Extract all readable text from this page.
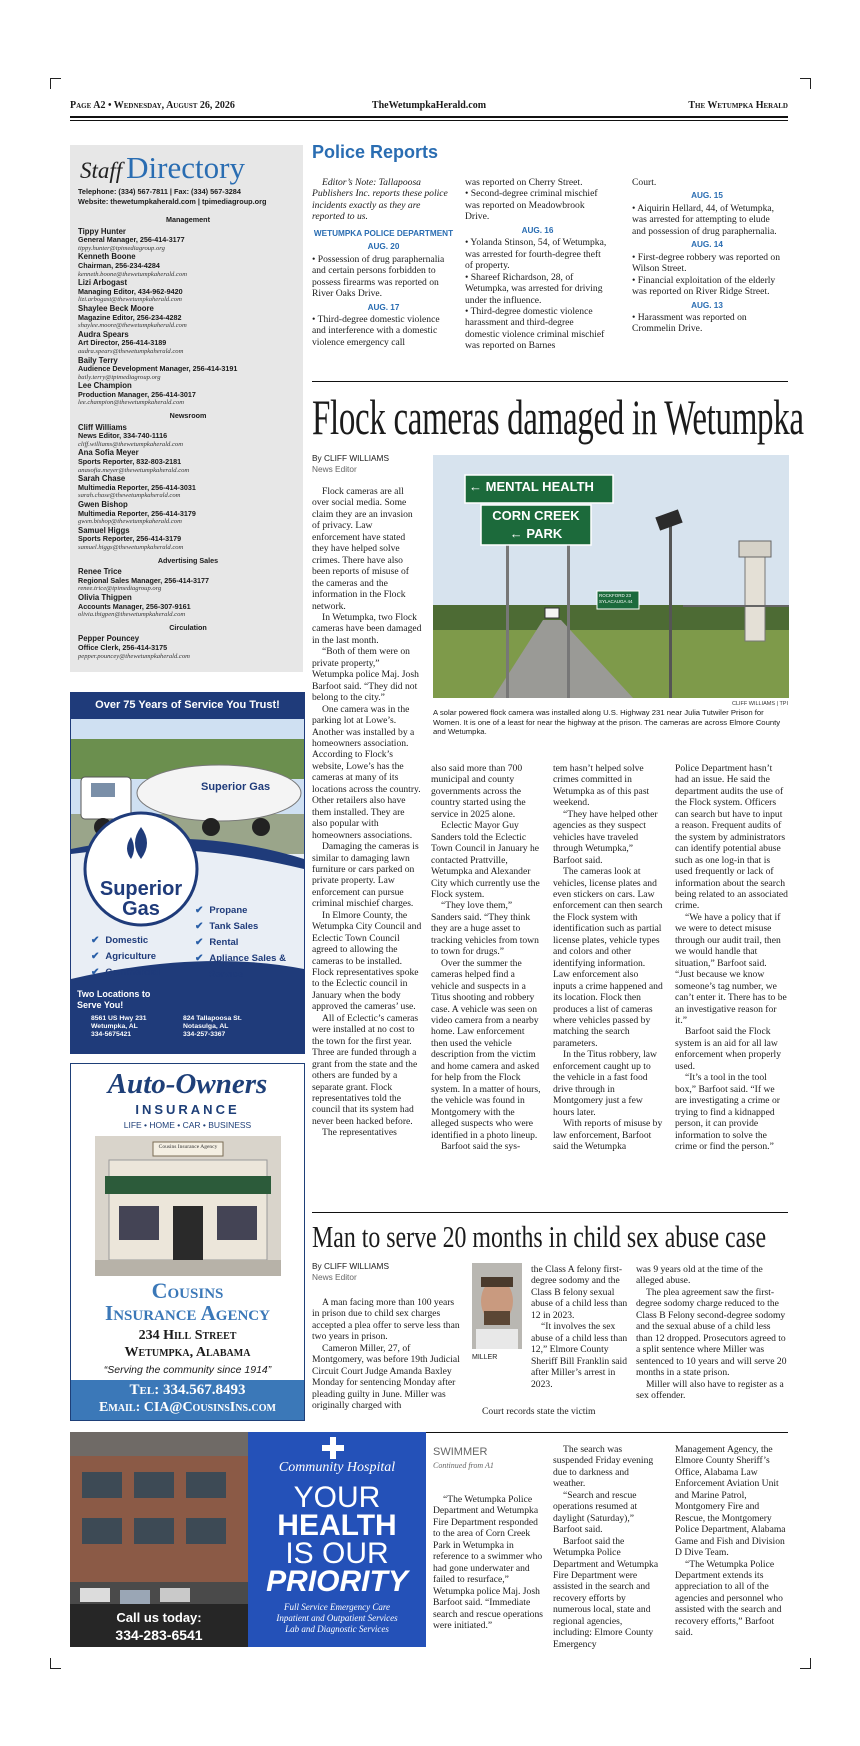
Page A2 • Wednesday, August 26, 2026	TheWetumpkaHerald.com	The Wetumpka Herald
Staff Directory
Telephone: (334) 567-7811 | Fax: (334) 567-3284
Website: thewetumpkaherald.com | tpimediagroup.org
Management
Tippy Hunter
General Manager, 256-414-3177
tippy.hunter@tpimediagroup.org
Kenneth Boone
Chairman, 256-234-4284
kenneth.boone@thewetumpkaherald.com
Lizi Arbogast
Managing Editor, 434-962-9420
lizi.arbogast@thewetumpkaherald.com
Shaylee Beck Moore
Magazine Editor, 256-234-4282
shaylee.moore@thewetumpkaherald.com
Audra Spears
Art Director, 256-414-3189
audra.spears@thewetumpkaherald.com
Baily Terry
Audience Development Manager, 256-414-3191
baily.terry@tpimediagroup.org
Lee Champion
Production Manager, 256-414-3017
lee.champion@thewetumpkaherald.com
Newsroom
Cliff Williams
News Editor, 334-740-1116
cliff.williams@thewetumpkaherald.com
Ana Sofia Meyer
Sports Reporter, 832-803-2181
anasofia.meyer@thewetumpkaherald.com
Sarah Chase
Multimedia Reporter, 256-414-3031
sarah.chase@thewetumpkaherald.com
Gwen Bishop
Multimedia Reporter, 256-414-3179
gwen.bishop@thewetumpkaherald.com
Samuel Higgs
Sports Reporter, 256-414-3179
samuel.higgs@thewetumpkaherald.com
Advertising Sales
Renee Trice
Regional Sales Manager, 256-414-3177
renee.trice@tpimediagroup.org
Olivia Thigpen
Accounts Manager, 256-307-9161
olivia.thigpen@thewetumpkaherald.com
Circulation
Pepper Pouncey
Office Clerk, 256-414-3175
pepper.pouncey@thewetumpkaherald.com
Over 75 Years of Service You Trust!
Superior Gas
Superior
Gas
✔ Domestic
✔ Agriculture
✔ Commercial
✔ Propane
✔ Tank Sales
✔ Rental
✔ Apliance Sales & Service
Two Locations to Serve You!
8561 US Hwy 231
Wetumpka, AL
334-5675421
824 Tallapoosa St.
Notasulga, AL
334-257-3367
Auto-Owners
INSURANCE
LIFE • HOME • CAR • BUSINESS
Cousins Insurance Agency
Cousins
Insurance Agency
234 Hill Street
Wetumpka, Alabama
“Serving the community since 1914”
Tel: 334.567.8493
Email: CIA@CousinsIns.com
Police Reports

Editor’s Note: Tallapoosa Publishers Inc. reports these police incidents exactly as they are reported to us.

WETUMPKA POLICE DEPARTMENT

AUG. 20

• Possession of drug paraphernalia and certain persons forbidden to possess firearms was reported on River Oaks Drive.

AUG. 17

• Third-degree domestic violence and interference with a domestic violence emergency call

was reported on Cherry Street.

• Second-degree criminal mischief was reported on Meadowbrook Drive.

AUG. 16

• Yolanda Stinson, 54, of Wetumpka, was arrested for fourth-degree theft of property.

• Shareef Richardson, 28, of Wetumpka, was arrested for driving under the influence.

• Third-degree domestic violence harassment and third-degree domestic violence criminal mischief was reported on Barnes

Court.

AUG. 15

• Aiquirin Hellard, 44, of Wetumpka, was arrested for attempting to elude and possession of drug paraphernalia.

AUG. 14

• First-degree robbery was reported on Wilson Street.

• Financial exploitation of the elderly was reported on River Ridge Street.

AUG. 13

• Harassment was reported on Crommelin Drive.

Flock cameras damaged in Wetumpka
By CLIFF WILLIAMS
News Editor
← MENTAL HEALTH
CORN CREEK
← PARK
ROCKFORD 23
SYLACAUGA 44
CLIFF WILLIAMS | TPI
A solar powered flock camera was installed along U.S. Highway 231 near Julia Tutwiler Prison for Women. It is one of a least for near the highway at the prison. The cameras are across Elmore County and Wetumpka.

Flock cameras are all over social media. Some claim they are an invasion of privacy. Law enforcement have stated they have helped solve crimes. There have also been reports of misuse of the cameras and the information in the Flock network.

In Wetumpka, two Flock cameras have been damaged in the last month.

“Both of them were on private property,” Wetumpka police Maj. Josh Barfoot said. “They did not belong to the city.”

One camera was in the parking lot at Lowe’s. Another was installed by a homeowners association. According to Flock’s website, Lowe’s has the cameras at many of its locations across the country. Other retailers also have them installed. They are also popular with homeowners associations.

Damaging the cameras is similar to damaging lawn furniture or cars parked on private property. Law enforcement can pursue criminal mischief charges.

In Elmore County, the Wetumpka City Council and Eclectic Town Council agreed to allowing the cameras to be installed. Flock representatives spoke to the Eclectic council in January when the body approved the cameras’ use.

All of Eclectic’s cameras were installed at no cost to the town for the first year. Three are funded through a grant from the state and the others are funded by a separate grant. Flock representatives told the council that its system had never been hacked before.

The representatives

also said more than 700 municipal and county governments across the country started using the service in 2025 alone.

Eclectic Mayor Guy Sanders told the Eclectic Town Council in January he contacted Prattville, Wetumpka and Alexander City which currently use the Flock system.

“They love them,” Sanders said. “They think they are a huge asset to tracking vehicles from town to town for drugs.”

Over the summer the cameras helped find a vehicle and suspects in a Titus shooting and robbery case. A vehicle was seen on video camera from a nearby home. Law enforcement then used the vehicle description from the victim and home camera and asked for help from the Flock system. In a matter of hours, the vehicle was found in Montgomery with the alleged suspects who were identified in a photo lineup.

Barfoot said the sys-

tem hasn’t helped solve crimes committed in Wetumpka as of this past weekend.

“They have helped other agencies as they suspect vehicles have traveled through Wetumpka,” Barfoot said.

The cameras look at vehicles, license plates and even stickers on cars. Law enforcement can then search the Flock system with identification such as partial license plates, vehicle types and colors and other identifying information. Law enforcement also inputs a crime happened and its location. Flock then produces a list of cameras where vehicles passed by matching the search parameters.

In the Titus robbery, law enforcement caught up to the vehicle in a fast food drive through in Montgomery just a few hours later.

With reports of misuse by law enforcement, Barfoot said the Wetumpka

Police Department hasn’t had an issue. He said the department audits the use of the Flock system. Officers can search but have to input a reason. Frequent audits of the system by administrators can identify potential abuse such as one log-in that is used frequently or lack of information about the search being related to an associated crime.

“We have a policy that if we were to detect misuse through our audit trail, then we would handle that situation,” Barfoot said. “Just because we know someone’s tag number, we can’t enter it. There has to be an investigative reason for it.”

Barfoot said the Flock system is an aid for all law enforcement when properly used.

“It’s a tool in the tool box,” Barfoot said. “If we are investigating a crime or trying to find a kidnapped person, it can provide information to solve the crime or find the person.”

Man to serve 20 months in child sex abuse case
By CLIFF WILLIAMS
News Editor

A man facing more than 100 years in prison due to child sex charges accepted a plea offer to serve less than two years in prison.

Cameron Miller, 27, of Montgomery, was before 19th Judicial Circuit Court Judge Amanda Baxley Monday for sentencing Monday after pleading guilty in June. Miller was originally charged with

MILLER

the Class A felony first-degree sodomy and the Class B felony sexual abuse of a child less than 12 in 2023.

“It involves the sex abuse of a child less than 12,” Elmore County Sheriff Bill Franklin said after Miller’s arrest in 2023.

Court records state the victim

was 9 years old at the time of the alleged abuse.

The plea agreement saw the first-degree sodomy charge reduced to the Class B Felony second-degree sodomy and the sexual abuse of a child less than 12 dropped. Prosecutors agreed to a split sentence where Miller was sentenced to 10 years and will serve 20 months in a state prison.

Miller will also have to register as a sex offender.

Community Hospital
YOUR
HEALTH
IS OUR
PRIORITY
Full Service Emergency Care
Inpatient and Outpatient Services
Lab and Diagnostic Services
Call us today:
334-283-6541
SWIMMER
Continued from A1

“The Wetumpka Police Department and Wetumpka Fire Department responded to the area of Corn Creek Park in Wetumpka in reference to a swimmer who had gone underwater and failed to resurface,” Wetumpka police Maj. Josh Barfoot said. “Immediate search and rescue operations were initiated.”

The search was suspended Friday evening due to darkness and weather.

“Search and rescue operations resumed at daylight (Saturday),” Barfoot said.

Barfoot said the Wetumpka Police Department and Wetumpka Fire Department were assisted in the search and recovery efforts by numerous local, state and regional agencies, including: Elmore County Emergency

Management Agency, the Elmore County Sheriff’s Office, Alabama Law Enforcement Aviation Unit and Marine Patrol, Montgomery Fire and Rescue, the Montgomery Police Department, Alabama Game and Fish and Division D Dive Team.

“The Wetumpka Police Department extends its appreciation to all of the agencies and personnel who assisted with the search and recovery efforts,” Barfoot said.
